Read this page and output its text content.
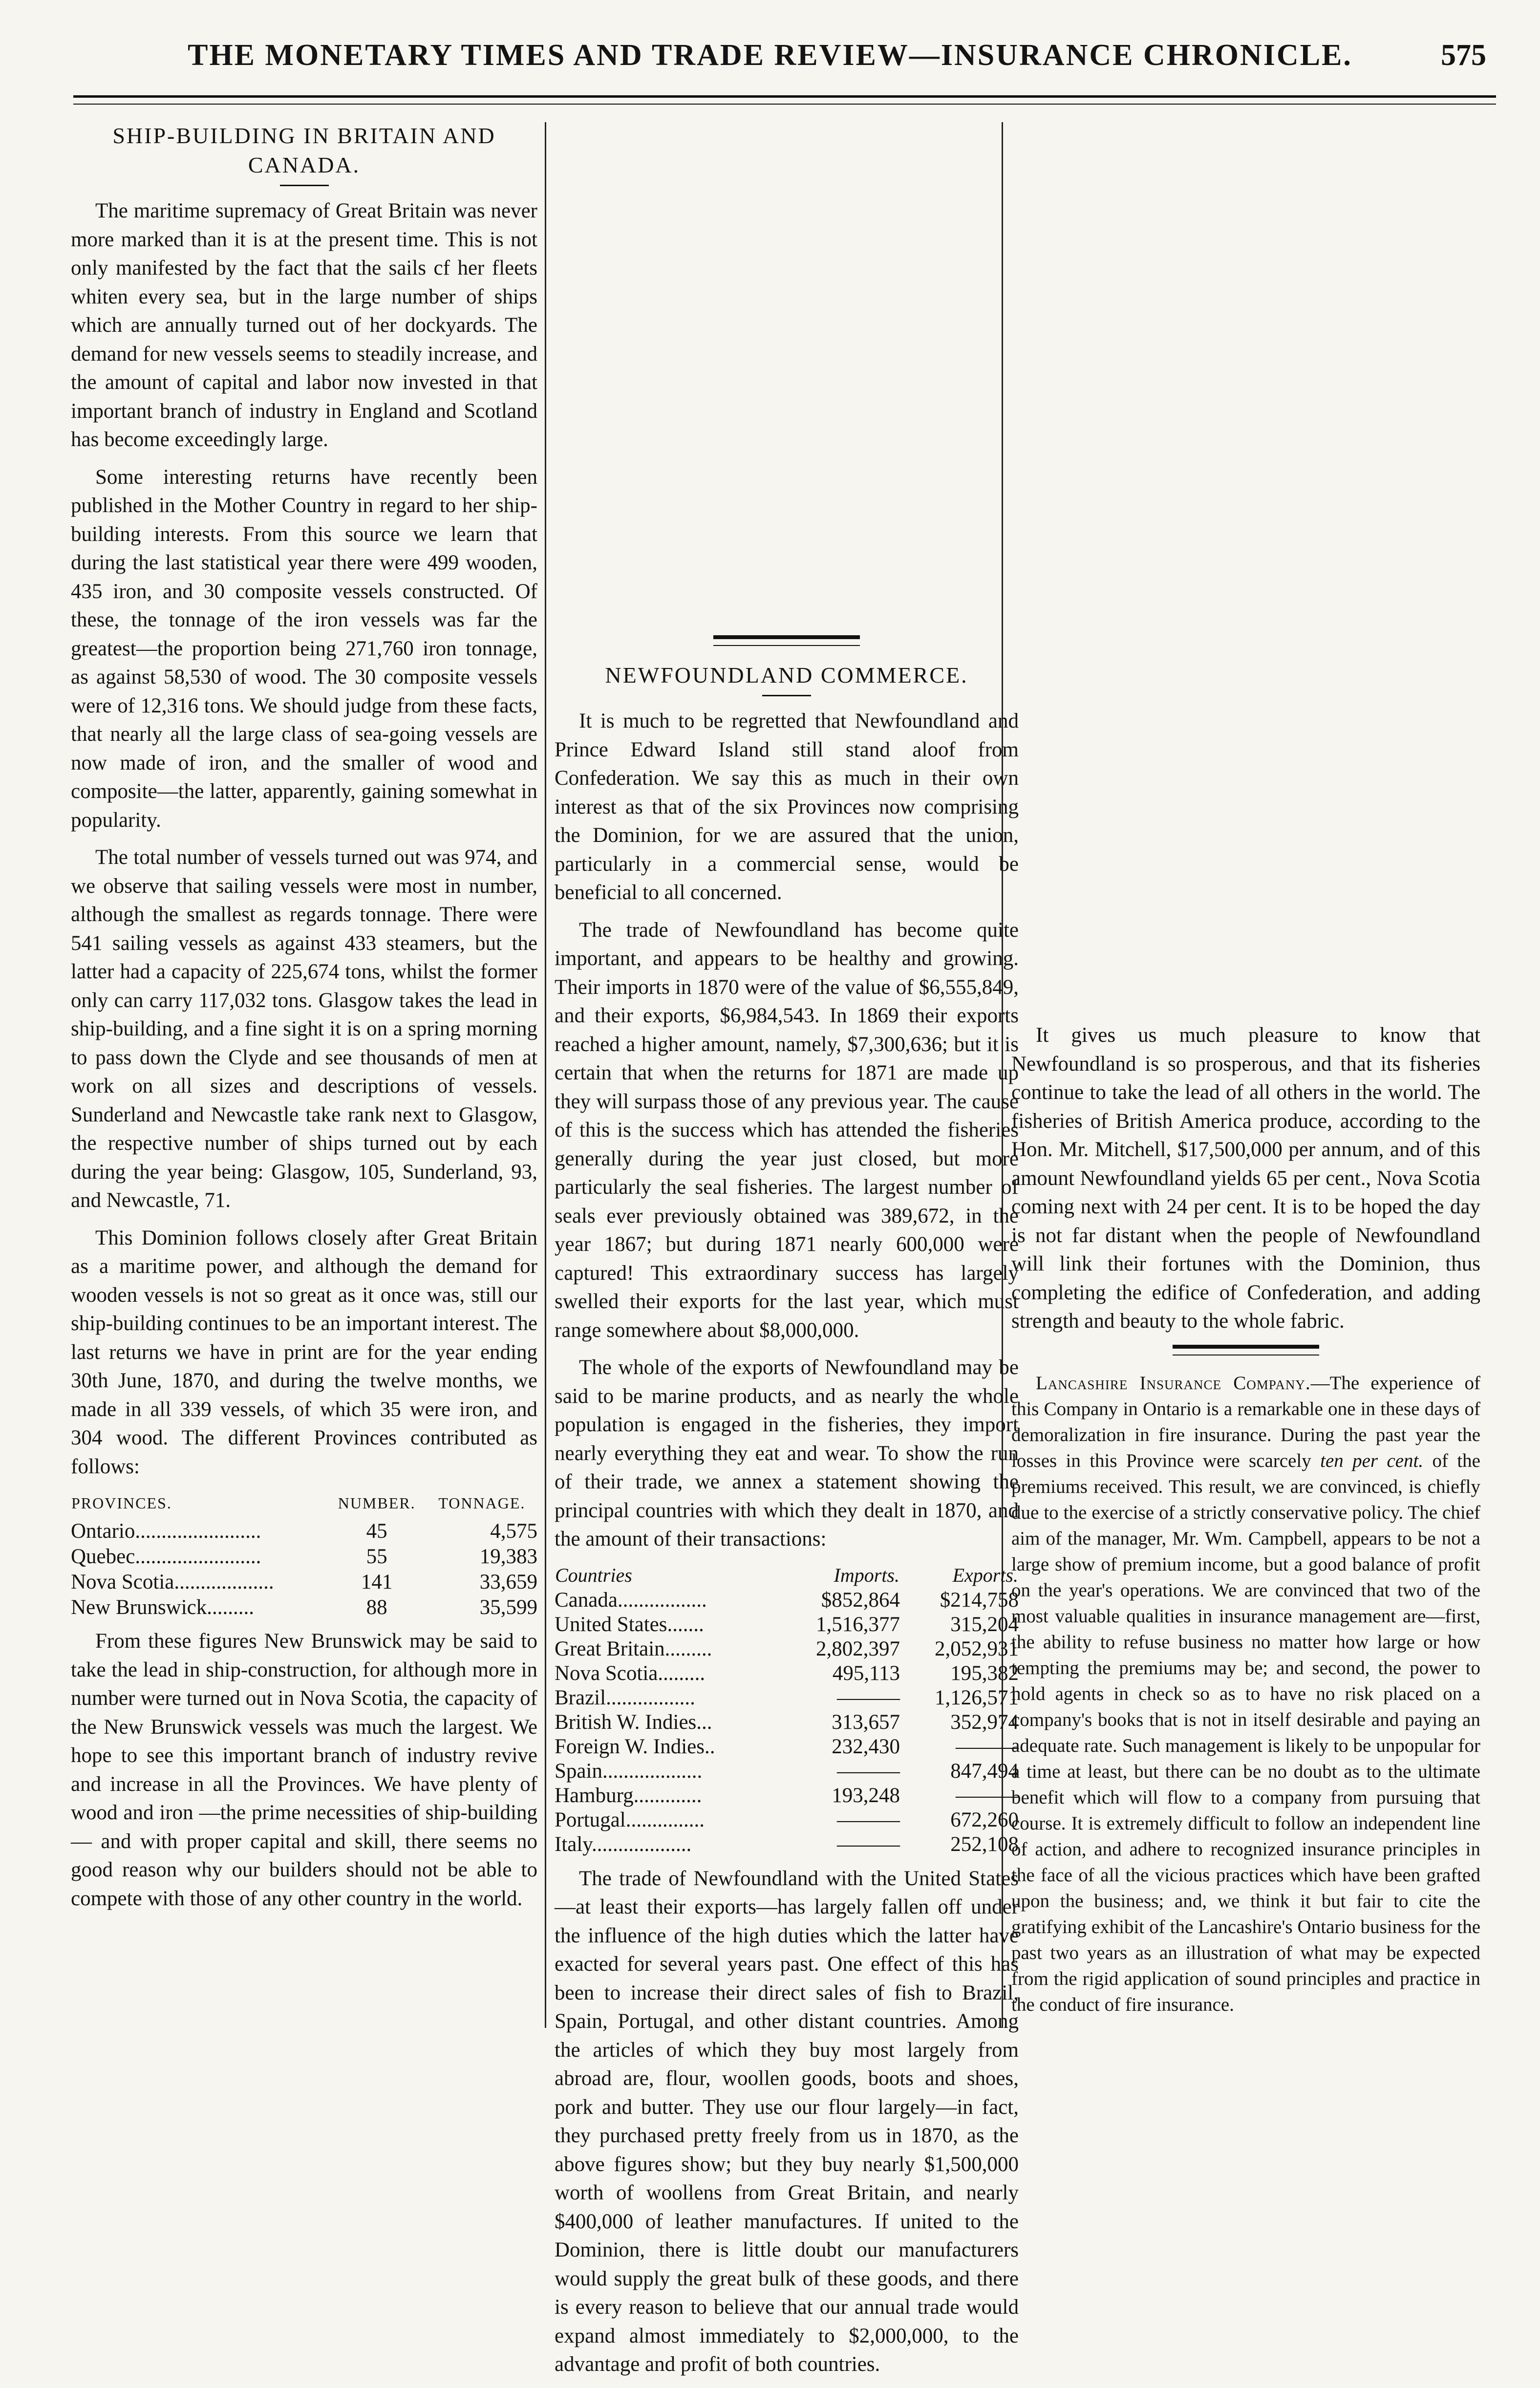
THE MONETARY TIMES AND TRADE REVIEW—INSURANCE CHRONICLE.	575
SHIP-BUILDING IN BRITAIN AND CANADA.

The maritime supremacy of Great Britain was never more marked than it is at the present time. This is not only manifested by the fact that the sails cf her fleets whiten every sea, but in the large number of ships which are annually turned out of her dockyards. The demand for new vessels seems to steadily increase, and the amount of capital and labor now invested in that important branch of industry in England and Scotland has become exceedingly large.

Some interesting returns have recently been published in the Mother Country in regard to her ship-building interests. From this source we learn that during the last statistical year there were 499 wooden, 435 iron, and 30 composite vessels constructed. Of these, the tonnage of the iron vessels was far the greatest—the proportion being 271,760 iron tonnage, as against 58,530 of wood. The 30 composite vessels were of 12,316 tons. We should judge from these facts, that nearly all the large class of sea-going vessels are now made of iron, and the smaller of wood and composite—the latter, apparently, gaining somewhat in popularity.

The total number of vessels turned out was 974, and we observe that sailing vessels were most in number, although the smallest as regards tonnage. There were 541 sailing vessels as against 433 steamers, but the latter had a capacity of 225,674 tons, whilst the former only can carry 117,032 tons. Glasgow takes the lead in ship-building, and a fine sight it is on a spring morning to pass down the Clyde and see thousands of men at work on all sizes and descriptions of vessels. Sunderland and Newcastle take rank next to Glasgow, the respective number of ships turned out by each during the year being: Glasgow, 105, Sunderland, 93, and Newcastle, 71.

This Dominion follows closely after Great Britain as a maritime power, and although the demand for wooden vessels is not so great as it once was, still our ship-building continues to be an important interest. The last returns we have in print are for the year ending 30th June, 1870, and during the twelve months, we made in all 339 vessels, of which 35 were iron, and 304 wood. The different Provinces contributed as follows:

PROVINCES.	NUMBER.	TONNAGE.
Ontario........................	45	4,575
Quebec........................	55	19,383
Nova Scotia...................	141	33,659
New Brunswick.........	88	35,599

From these figures New Brunswick may be said to take the lead in ship-construction, for although more in number were turned out in Nova Scotia, the capacity of the New Brunswick vessels was much the largest. We hope to see this important branch of industry revive and increase in all the Provinces. We have plenty of wood and iron —the prime necessities of ship-building— and with proper capital and skill, there seems no good reason why our builders should not be able to compete with those of any other country in the world.

NEWFOUNDLAND COMMERCE.

It is much to be regretted that Newfoundland and Prince Edward Island still stand aloof from Confederation. We say this as much in their own interest as that of the six Provinces now comprising the Dominion, for we are assured that the union, particularly in a commercial sense, would be beneficial to all concerned.

The trade of Newfoundland has become quite important, and appears to be healthy and growing. Their imports in 1870 were of the value of $6,555,849, and their exports, $6,984,543. In 1869 their exports reached a higher amount, namely, $7,300,636; but it is certain that when the returns for 1871 are made up they will surpass those of any previous year. The cause of this is the success which has attended the fisheries generally during the year just closed, but more particularly the seal fisheries. The largest number of seals ever previously obtained was 389,672, in the year 1867; but during 1871 nearly 600,000 were captured! This extraordinary success has largely swelled their exports for the last year, which must range somewhere about $8,000,000.

The whole of the exports of Newfoundland may be said to be marine products, and as nearly the whole population is engaged in the fisheries, they import nearly everything they eat and wear. To show the run of their trade, we annex a statement showing the principal countries with which they dealt in 1870, and the amount of their transactions:

Countries	Imports.	Exports.
Canada.................	$852,864	$214,758
United States.......	1,516,377	315,204
Great Britain.........	2,802,397	2,052,931
Nova Scotia.........	495,113	195,382
Brazil.................	———	1,126,571
British W. Indies...	313,657	352,974
Foreign W. Indies..	232,430	———
Spain...................	———	847,494
Hamburg.............	193,248	———
Portugal...............	———	672,260
Italy...................	———	252,108

The trade of Newfoundland with the United States—at least their exports—has largely fallen off under the influence of the high duties which the latter have exacted for several years past. One effect of this has been to increase their direct sales of fish to Brazil, Spain, Portugal, and other distant countries. Among the articles of which they buy most largely from abroad are, flour, woollen goods, boots and shoes, pork and butter. They use our flour largely—in fact, they purchased pretty freely from us in 1870, as the above figures show; but they buy nearly $1,500,000 worth of woollens from Great Britain, and nearly $400,000 of leather manufactures. If united to the Dominion, there is little doubt our manufacturers would supply the great bulk of these goods, and there is every reason to believe that our annual trade would expand almost immediately to $2,000,000, to the advantage and profit of both countries.

It gives us much pleasure to know that Newfoundland is so prosperous, and that its fisheries continue to take the lead of all others in the world. The fisheries of British America produce, according to the Hon. Mr. Mitchell, $17,500,000 per annum, and of this amount Newfoundland yields 65 per cent., Nova Scotia coming next with 24 per cent. It is to be hoped the day is not far distant when the people of Newfoundland will link their fortunes with the Dominion, thus completing the edifice of Confederation, and adding strength and beauty to the whole fabric.

Lancashire Insurance Company.—The experience of this Company in Ontario is a remarkable one in these days of demoralization in fire insurance. During the past year the losses in this Province were scarcely ten per cent. of the premiums received. This result, we are convinced, is chiefly due to the exercise of a strictly conservative policy. The chief aim of the manager, Mr. Wm. Campbell, appears to be not a large show of premium income, but a good balance of profit on the year's operations. We are convinced that two of the most valuable qualities in insurance management are—first, the ability to refuse business no matter how large or how tempting the premiums may be; and second, the power to hold agents in check so as to have no risk placed on a company's books that is not in itself desirable and paying an adequate rate. Such management is likely to be unpopular for a time at least, but there can be no doubt as to the ultimate benefit which will flow to a company from pursuing that course. It is extremely difficult to follow an independent line of action, and adhere to recognized insurance principles in the face of all the vicious practices which have been grafted upon the business; and, we think it but fair to cite the gratifying exhibit of the Lancashire's Ontario business for the past two years as an illustration of what may be expected from the rigid application of sound principles and practice in the conduct of fire insurance.
